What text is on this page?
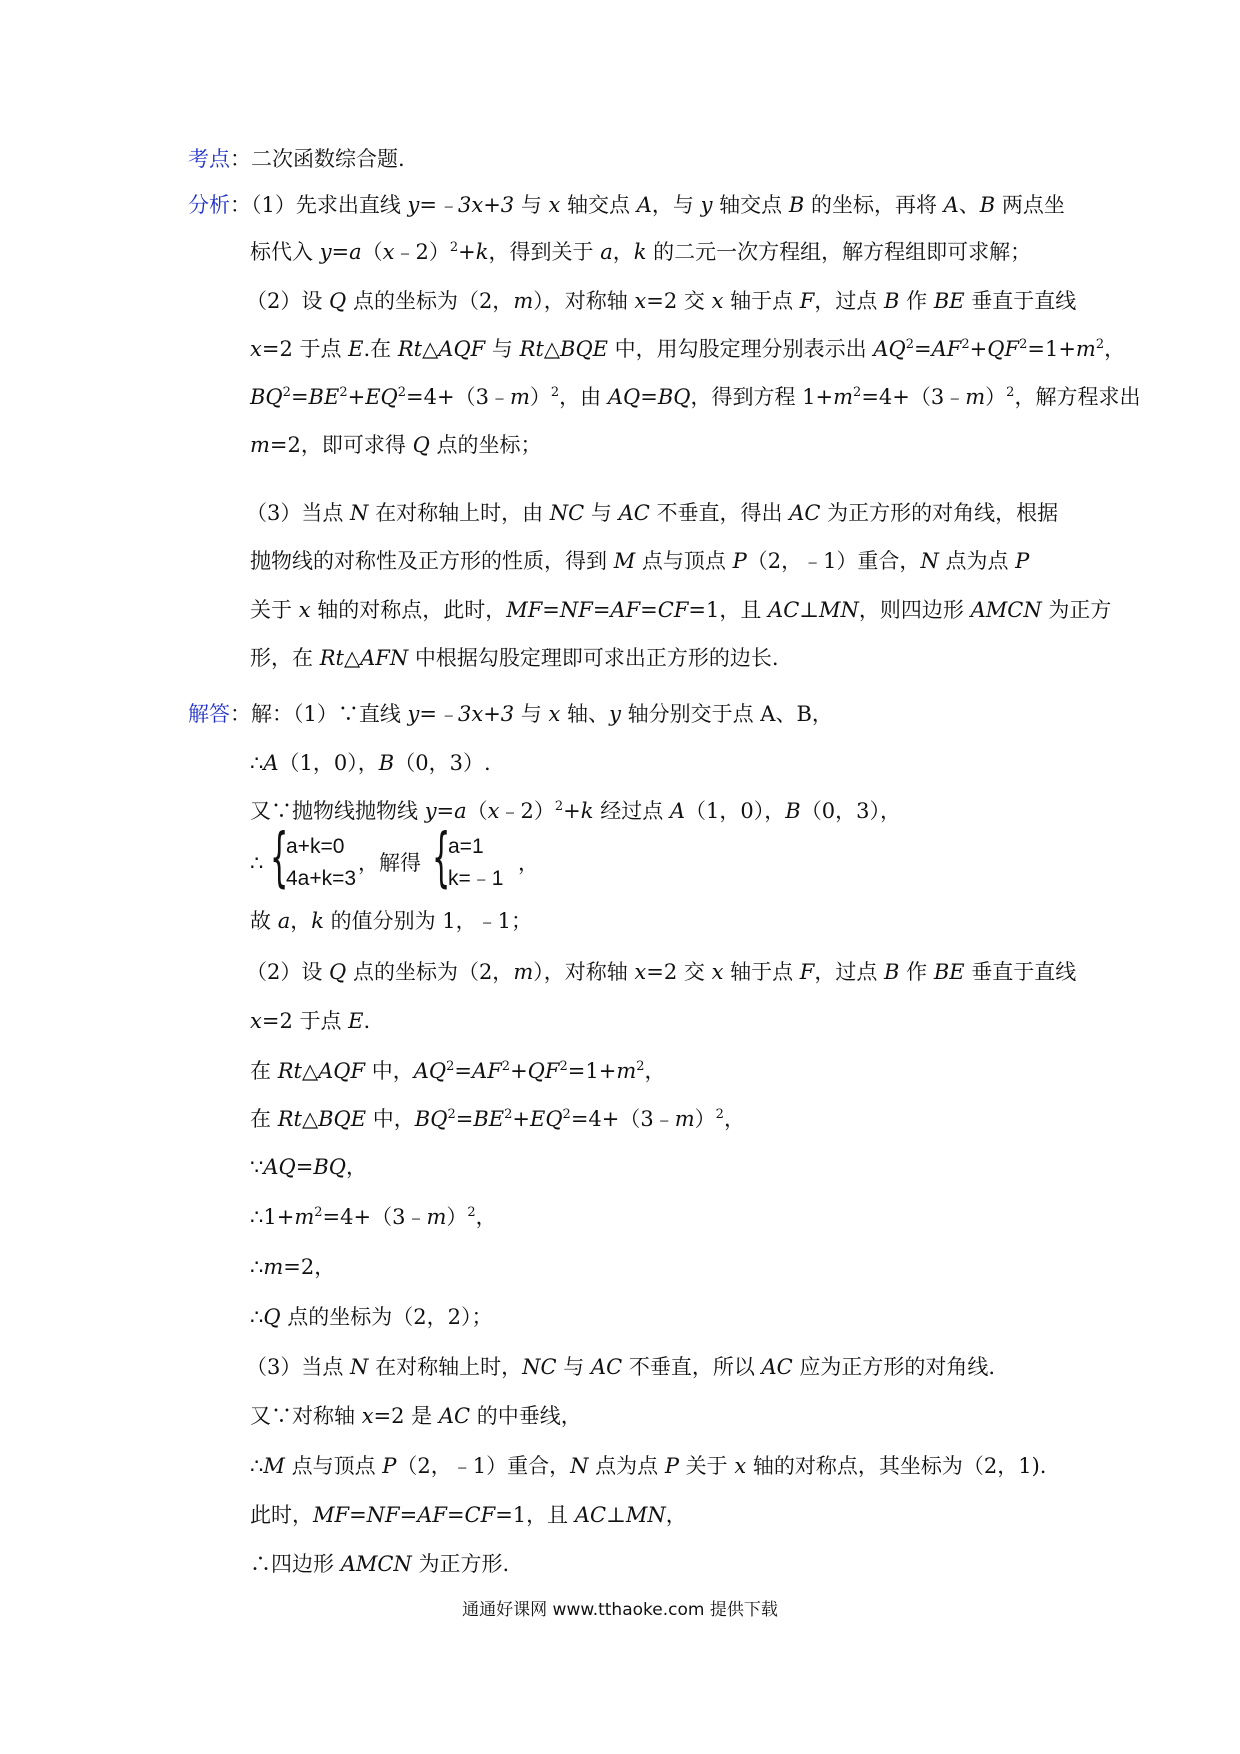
考点：二次函数综合题.
分析：（1）先求出直线 y=﹣3x+3 与 x 轴交点 A，与 y 轴交点 B 的坐标，再将 A、B 两点坐
标代入 y=a（x﹣2）$^2$+k，得到关于 a，k 的二元一次方程组，解方程组即可求解；
（2）设 Q 点的坐标为（2，m），对称轴 x=2 交 x 轴于点 F，过点 B 作 BE 垂直于直线
x=2 于点 E.在 Rt△AQF 与 Rt△BQE 中，用勾股定理分别表示出 $AQ^2=AF^2+QF^2=1+m^2$，
$BQ^2=BE^2+EQ^2=4+(3﹣m)^2$，由 AQ=BQ，得到方程 $1+m^2=4+(3﹣m)^2$，解方程求出
m=2，即可求得 Q 点的坐标；
（3）当点 N 在对称轴上时，由 NC 与 AC 不垂直，得出 AC 为正方形的对角线，根据
抛物线的对称性及正方形的性质，得到 M 点与顶点 P（2，﹣1）重合，N 点为点 P
关于 x 轴的对称点，此时，MF=NF=AF=CF=1，且 AC⊥MN，则四边形 AMCN 为正方
形，在 Rt△AFN 中根据勾股定理即可求出正方形的边长.
解答：解：（1）∵直线 y=﹣3x+3 与 x 轴、y 轴分别交于点 A、B，
∴A（1，0），B（0，3）.
又∵抛物线抛物线 y=a（x﹣2）$^2$+k 经过点 A（1，0），B（0，3），
∴ {
a+k=0
4a+k=3
，解得 {
a=1
k=﹣1
，
故 a，k 的值分别为 1，﹣1；
（2）设 Q 点的坐标为（2，m），对称轴 x=2 交 x 轴于点 F，过点 B 作 BE 垂直于直线
x=2 于点 E.
在 Rt△AQF 中，$AQ^2=AF^2+QF^2=1+m^2$，
在 Rt△BQE 中，$BQ^2=BE^2+EQ^2=4+(3﹣m)^2$，
∵AQ=BQ，
$\therefore 1+m^2=4+(3﹣m)^2$，
∴m=2，
∴Q 点的坐标为（2，2）；
（3）当点 N 在对称轴上时，NC 与 AC 不垂直，所以 AC 应为正方形的对角线.
又∵对称轴 x=2 是 AC 的中垂线，
∴M 点与顶点 P（2，﹣1）重合，N 点为点 P 关于 x 轴的对称点，其坐标为（2，1).
此时，MF=NF=AF=CF=1，且 AC⊥MN，
∴四边形 AMCN 为正方形.
通通好课网 www.tthaoke.com 提供下载
